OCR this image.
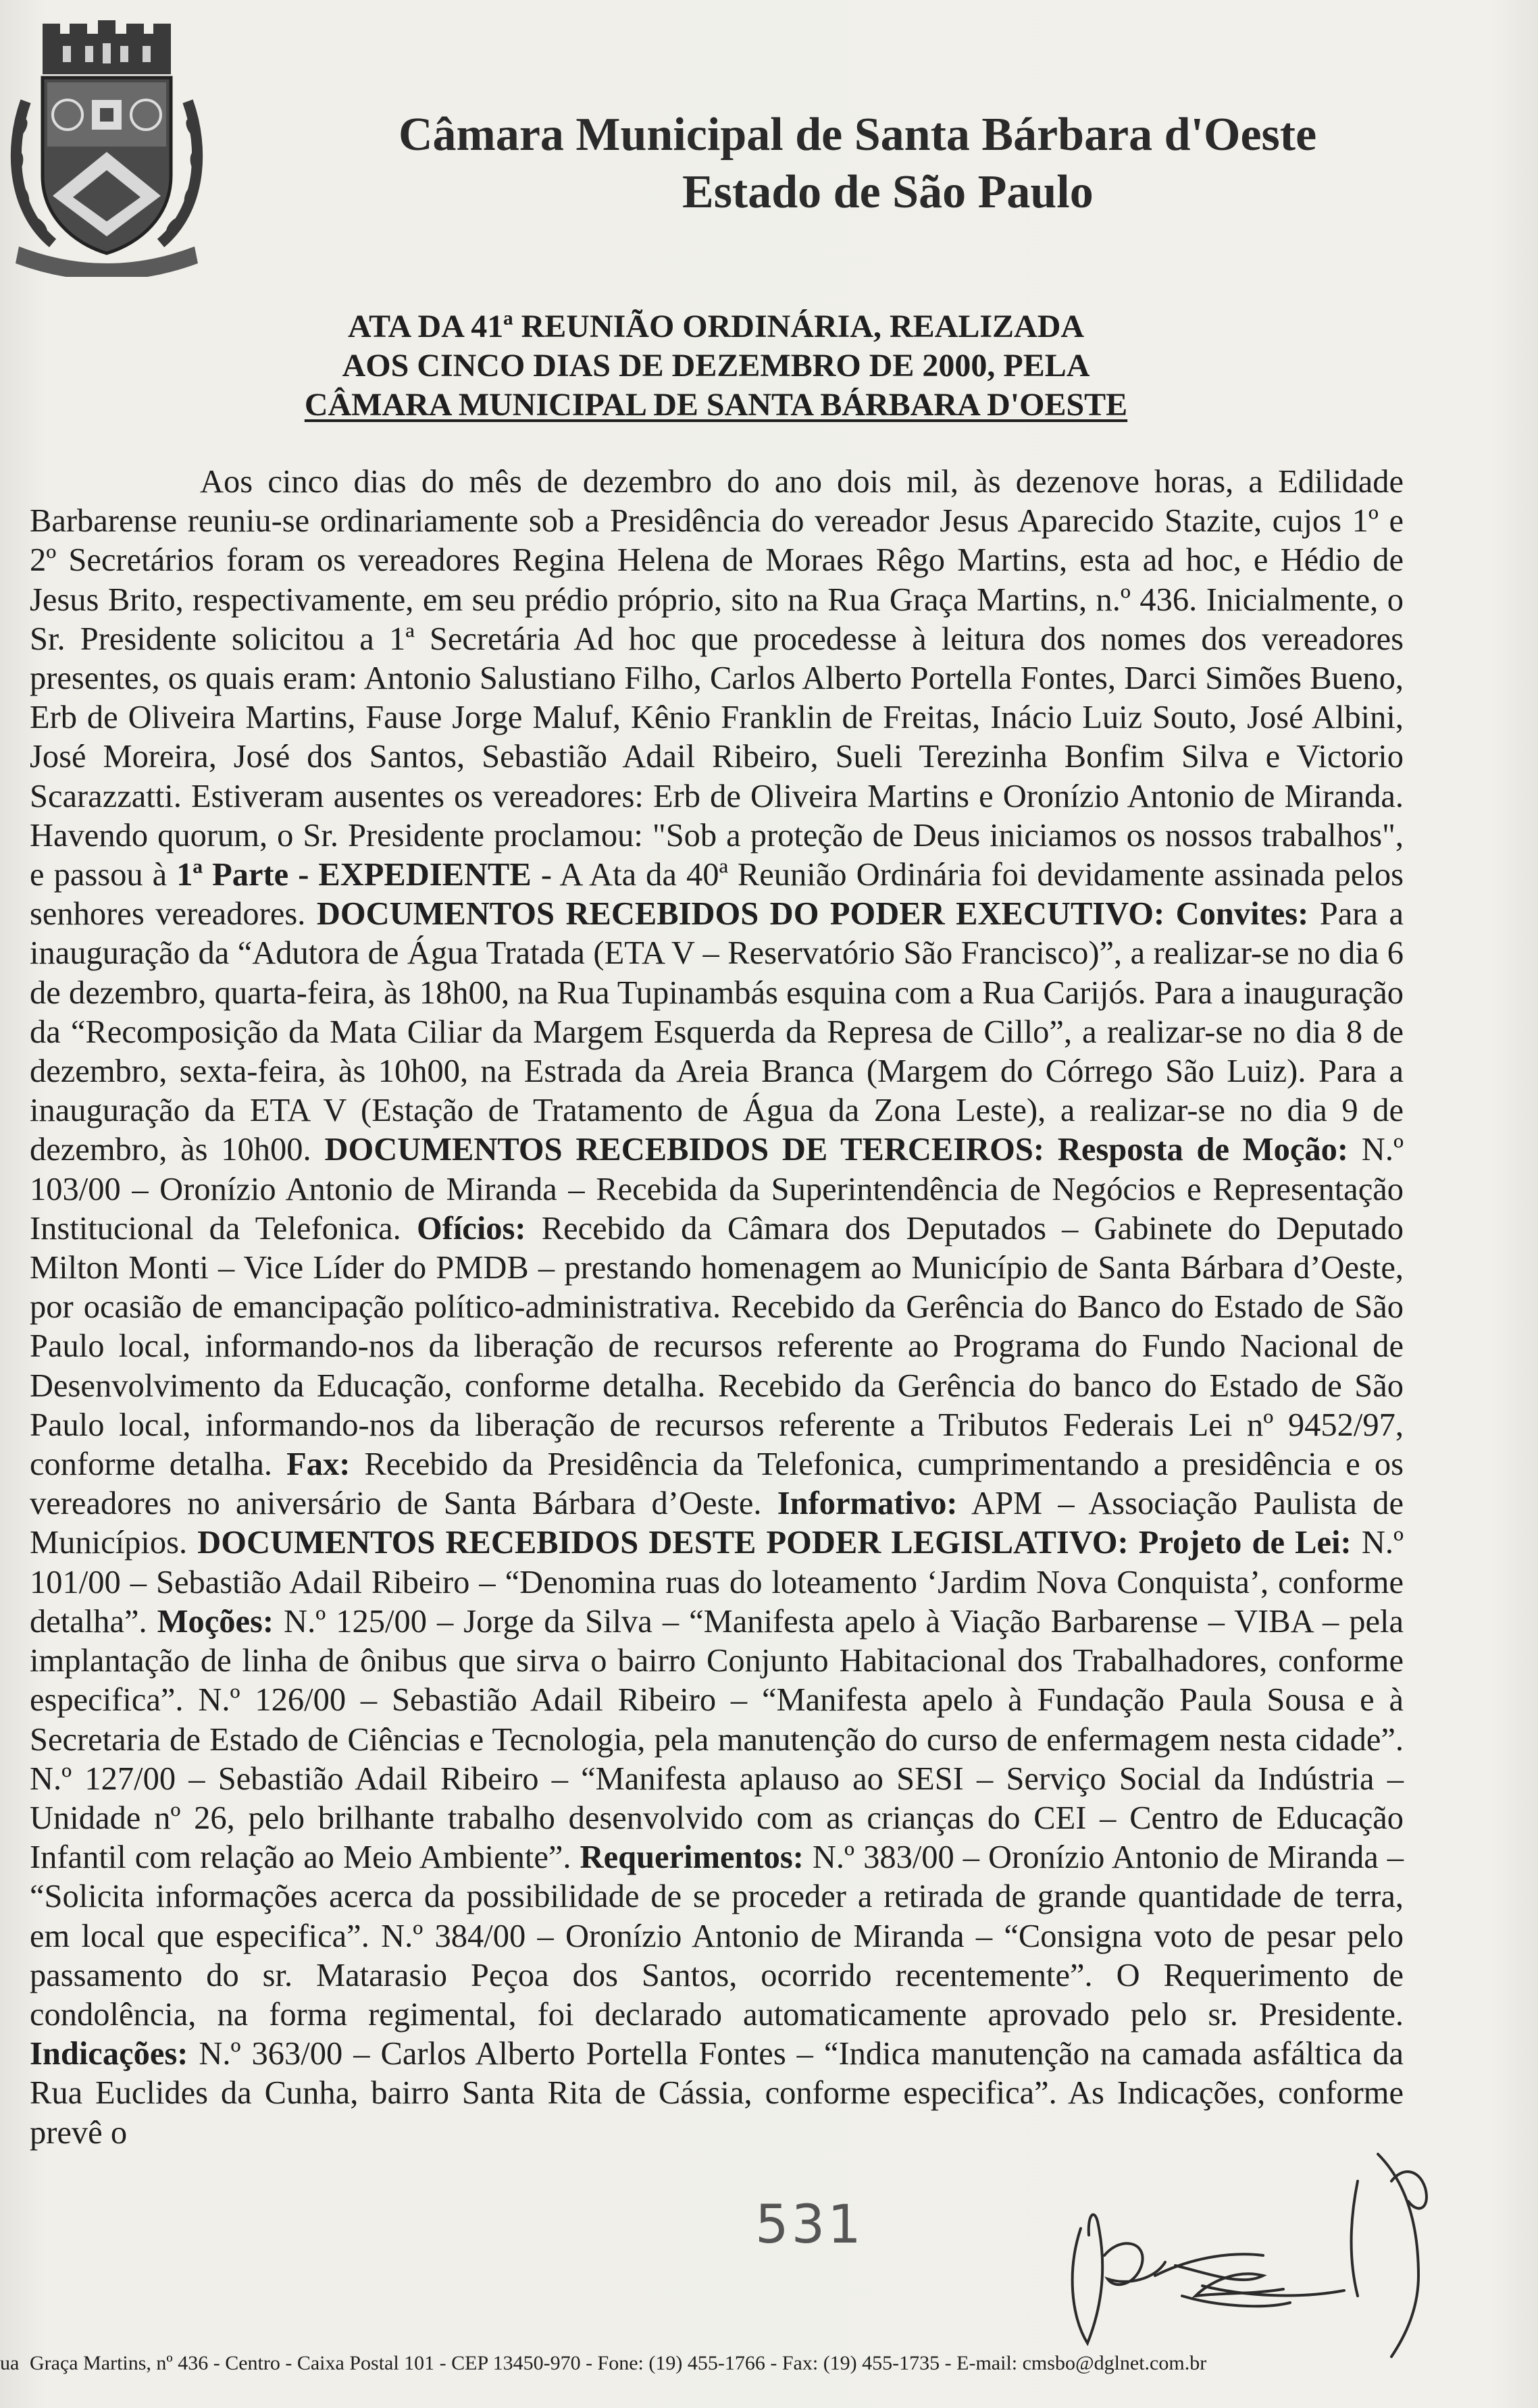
Câmara Municipal de Santa Bárbara d'Oeste
Estado de São Paulo
ATA DA 41ª REUNIÃO ORDINÁRIA, REALIZADA
AOS CINCO DIAS DE DEZEMBRO DE 2000, PELA
CÂMARA MUNICIPAL DE SANTA BÁRBARA D'OESTE
Aos cinco dias do mês de dezembro do ano dois mil, às dezenove horas, a Edilidade Barbarense reuniu-se ordinariamente sob a Presidência do vereador Jesus Aparecido Stazite, cujos 1º e 2º Secretários foram os vereadores Regina Helena de Moraes Rêgo Martins, esta ad hoc, e Hédio de Jesus Brito, respectivamente, em seu prédio próprio, sito na Rua Graça Martins, n.º 436. Inicialmente, o Sr. Presidente solicitou a 1ª Secretária Ad hoc que procedesse à leitura dos nomes dos vereadores presentes, os quais eram: Antonio Salustiano Filho, Carlos Alberto Portella Fontes, Darci Simões Bueno, Erb de Oliveira Martins, Fause Jorge Maluf, Kênio Franklin de Freitas, Inácio Luiz Souto, José Albini, José Moreira, José dos Santos, Sebastião Adail Ribeiro, Sueli Terezinha Bonfim Silva e Victorio Scarazzatti. Estiveram ausentes os vereadores: Erb de Oliveira Martins e Oronízio Antonio de Miranda. Havendo quorum, o Sr. Presidente proclamou: "Sob a proteção de Deus iniciamos os nossos trabalhos", e passou à 1ª Parte - EXPEDIENTE - A Ata da 40ª Reunião Ordinária foi devidamente assinada pelos senhores vereadores. DOCUMENTOS RECEBIDOS DO PODER EXECUTIVO: Convites: Para a inauguração da “Adutora de Água Tratada (ETA V – Reservatório São Francisco)”, a realizar-se no dia 6 de dezembro, quarta-feira, às 18h00, na Rua Tupinambás esquina com a Rua Carijós. Para a inauguração da “Recomposição da Mata Ciliar da Margem Esquerda da Represa de Cillo”, a realizar-se no dia 8 de dezembro, sexta-feira, às 10h00, na Estrada da Areia Branca (Margem do Córrego São Luiz). Para a inauguração da ETA V (Estação de Tratamento de Água da Zona Leste), a realizar-se no dia 9 de dezembro, às 10h00. DOCUMENTOS RECEBIDOS DE TERCEIROS: Resposta de Moção: N.º 103/00 – Oronízio Antonio de Miranda – Recebida da Superintendência de Negócios e Representação Institucional da Telefonica. Ofícios: Recebido da Câmara dos Deputados – Gabinete do Deputado Milton Monti – Vice Líder do PMDB – prestando homenagem ao Município de Santa Bárbara d’Oeste, por ocasião de emancipação político-administrativa. Recebido da Gerência do Banco do Estado de São Paulo local, informando-nos da liberação de recursos referente ao Programa do Fundo Nacional de Desenvolvimento da Educação, conforme detalha. Recebido da Gerência do banco do Estado de São Paulo local, informando-nos da liberação de recursos referente a Tributos Federais Lei nº 9452/97, conforme detalha. Fax: Recebido da Presidência da Telefonica, cumprimentando a presidência e os vereadores no aniversário de Santa Bárbara d’Oeste. Informativo: APM – Associação Paulista de Municípios. DOCUMENTOS RECEBIDOS DESTE PODER LEGISLATIVO: Projeto de Lei: N.º 101/00 – Sebastião Adail Ribeiro – “Denomina ruas do loteamento ‘Jardim Nova Conquista’, conforme detalha”. Moções: N.º 125/00 – Jorge da Silva – “Manifesta apelo à Viação Barbarense – VIBA – pela implantação de linha de ônibus que sirva o bairro Conjunto Habitacional dos Trabalhadores, conforme especifica”. N.º 126/00 – Sebastião Adail Ribeiro – “Manifesta apelo à Fundação Paula Sousa e à Secretaria de Estado de Ciências e Tecnologia, pela manutenção do curso de enfermagem nesta cidade”. N.º 127/00 – Sebastião Adail Ribeiro – “Manifesta aplauso ao SESI – Serviço Social da Indústria – Unidade nº 26, pelo brilhante trabalho desenvolvido com as crianças do CEI – Centro de Educação Infantil com relação ao Meio Ambiente”. Requerimentos: N.º 383/00 – Oronízio Antonio de Miranda – “Solicita informações acerca da possibilidade de se proceder a retirada de grande quantidade de terra, em local que especifica”. N.º 384/00 – Oronízio Antonio de Miranda – “Consigna voto de pesar pelo passamento do sr. Matarasio Peçoa dos Santos, ocorrido recentemente”. O Requerimento de condolência, na forma regimental, foi declarado automaticamente aprovado pelo sr. Presidente. Indicações: N.º 363/00 – Carlos Alberto Portella Fontes – “Indica manutenção na camada asfáltica da Rua Euclides da Cunha, bairro Santa Rita de Cássia, conforme especifica”. As Indicações, conforme prevê o
531
ua Graça Martins, nº 436 - Centro - Caixa Postal 101 - CEP 13450-970 - Fone: (19) 455-1766 - Fax: (19) 455-1735 - E-mail: cmsbo@dglnet.com.br
